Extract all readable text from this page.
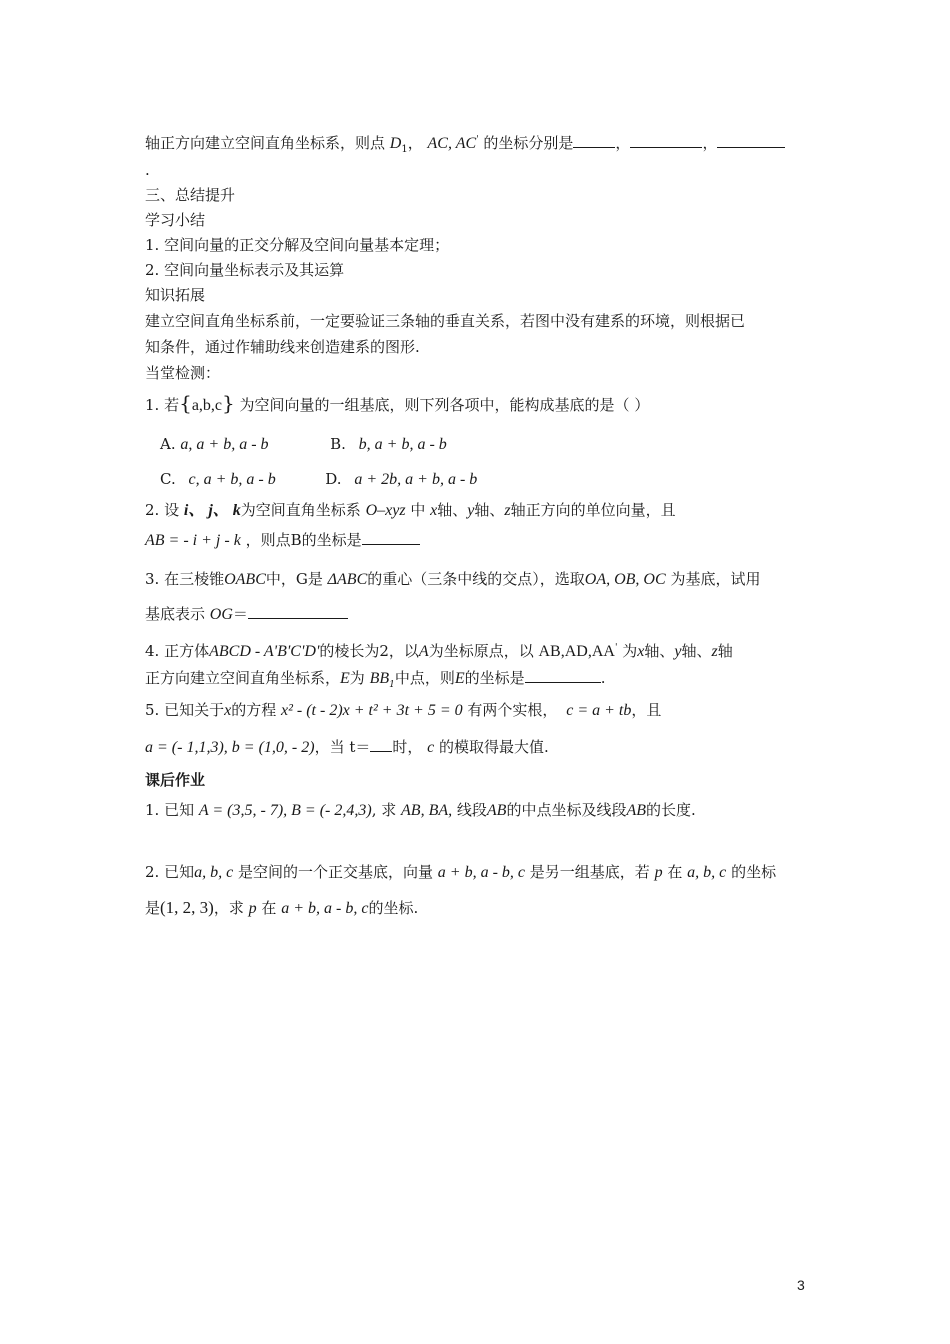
轴正方向建立空间直角坐标系，则点 $D_1$， AC, AC' 的坐标分别是	，	，
.
三、总结提升
学习小结
1. 空间向量的正交分解及空间向量基本定理；
2. 空间向量坐标表示及其运算
知识拓展
建立空间直角坐标系前，一定要验证三条轴的垂直关系，若图中没有建系的环境，则根据已
知条件，通过作辅助线来创造建系的图形.
当堂检测：
1. 若{a,b,c} 为空间向量的一组基底，则下列各项中，能构成基底的是（ ）
A. a, a + b, a - b	B. b, a + b, a - b
C. c, a + b, a - b	D. a + 2b, a + b, a - b
2. 设 i、 j、 k为空间直角坐标系 O–xyz 中 x轴、y轴、z轴正方向的单位向量，且
AB = - i + j - k ，则点B的坐标是
3. 在三棱锥OABC中，G是 ΔABC的重心（三条中线的交点），选取OA, OB, OC 为基底，试用
基底表示 OG＝
4. 正方体ABCD - A'B'C'D'的棱长为2，以A为坐标原点，以 AB,AD,AA' 为x轴、y轴、z轴
正方向建立空间直角坐标系，E为 $BB_1$中点，则E的坐标是	.
5. 已知关于x的方程 x² - (t - 2)x + t² + 3t + 5 = 0 有两个实根， c = a + tb，且
a = (- 1,1,3), b = (1,0, - 2)，当 t＝ 时， c 的模取得最大值.
课后作业
1. 已知 A = (3,5, - 7), B = (- 2,4,3), 求 AB, BA, 线段AB的中点坐标及线段AB的长度.
2. 已知a, b, c 是空间的一个正交基底，向量 a + b, a - b, c 是另一组基底，若 p 在 a, b, c 的坐标
是(1, 2, 3)，求 p 在 a + b, a - b, c的坐标.
3
